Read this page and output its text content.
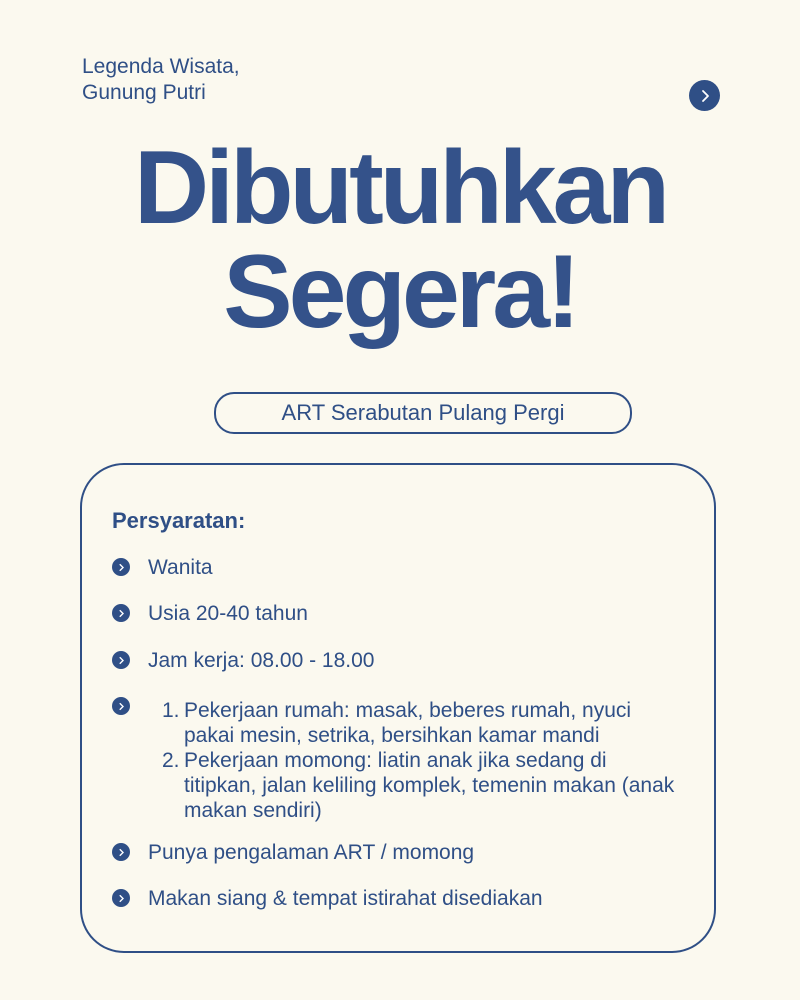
Legenda Wisata,
Gunung Putri
Dibutuhkan
Segera!
ART Serabutan Pulang Pergi
Persyaratan:
Wanita
Usia 20-40 tahun
Jam kerja: 08.00 - 18.00
1. Pekerjaan rumah: masak, beberes rumah, nyuci pakai mesin, setrika, bersihkan kamar mandi
2. Pekerjaan momong: liatin anak jika sedang di titipkan, jalan keliling komplek, temenin makan (anak makan sendiri)
Punya pengalaman ART / momong
Makan siang & tempat istirahat disediakan
